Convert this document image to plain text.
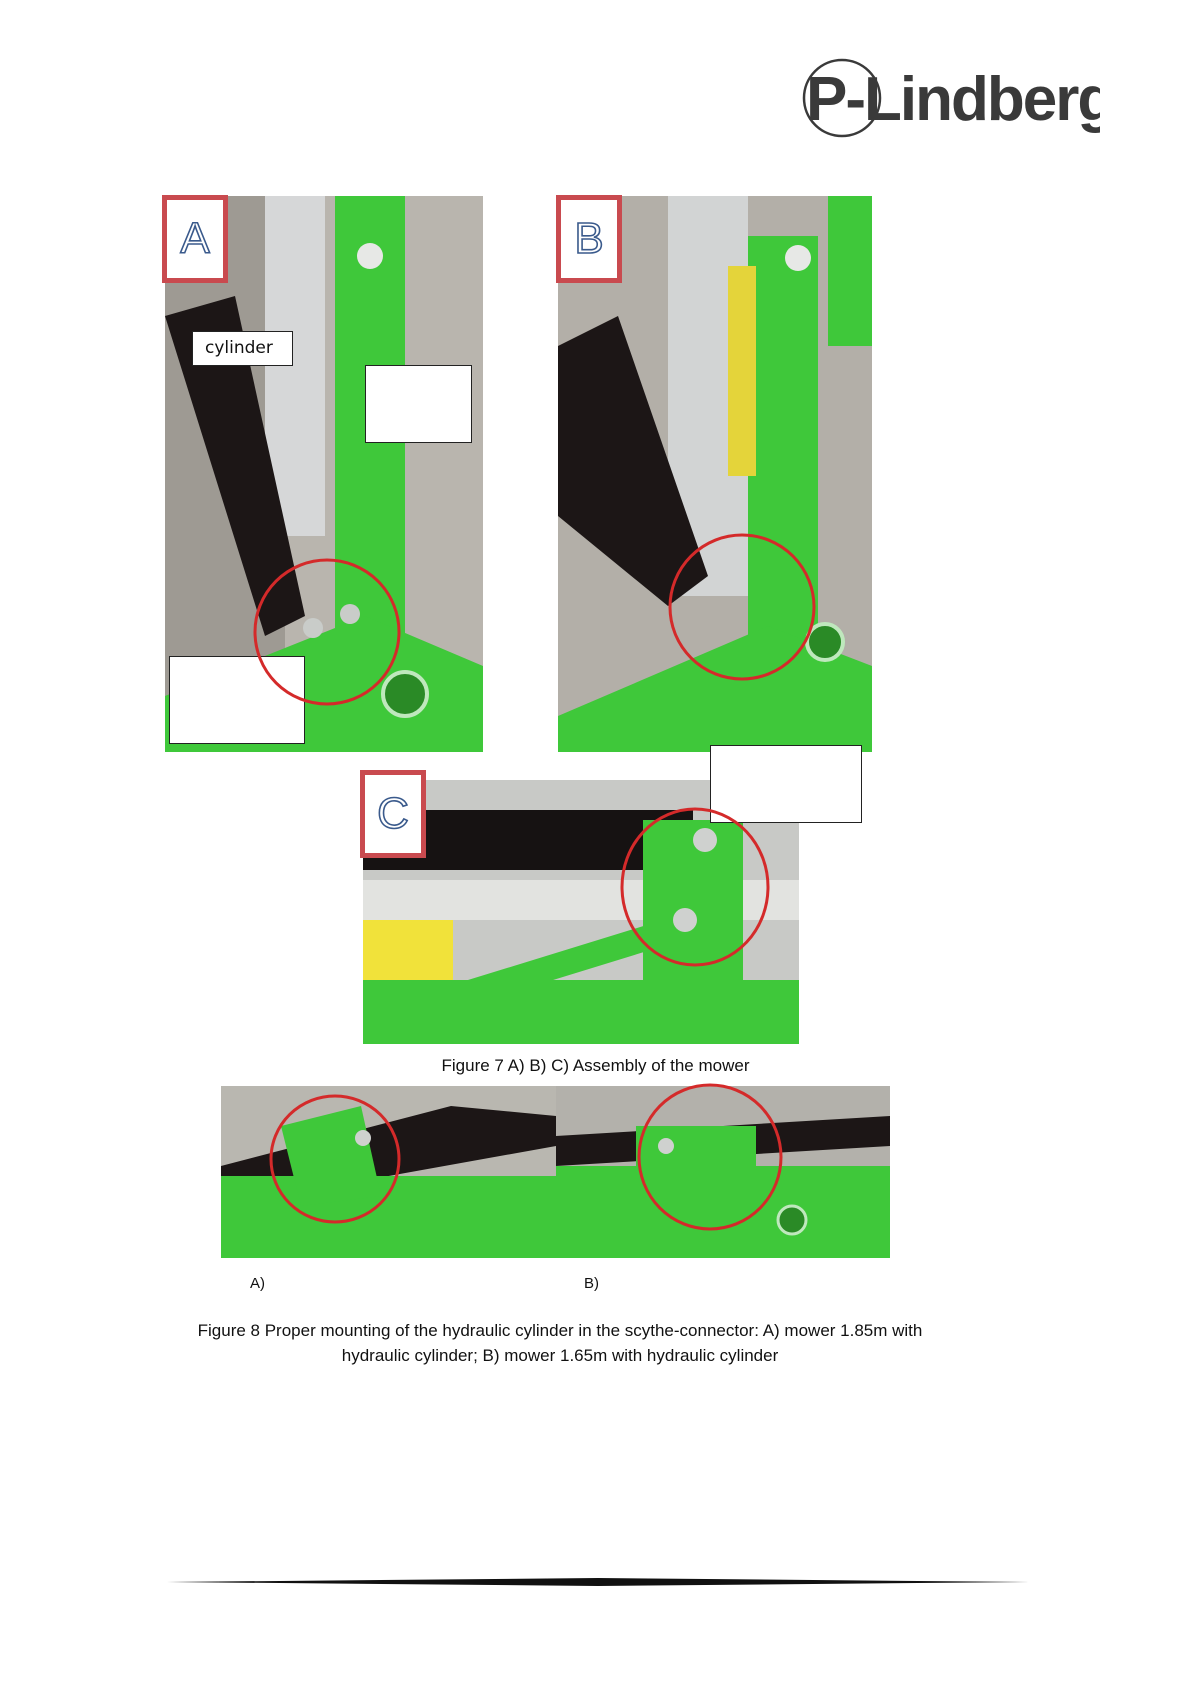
P-Lindberg
A
cylinder
B
C
Figure 7 A) B) C) Assembly of the mower
A)	B)
Figure 8 Proper mounting of the hydraulic cylinder in the scythe-connector: A) mower 1.85m with
hydraulic cylinder; B) mower 1.65m with hydraulic cylinder
